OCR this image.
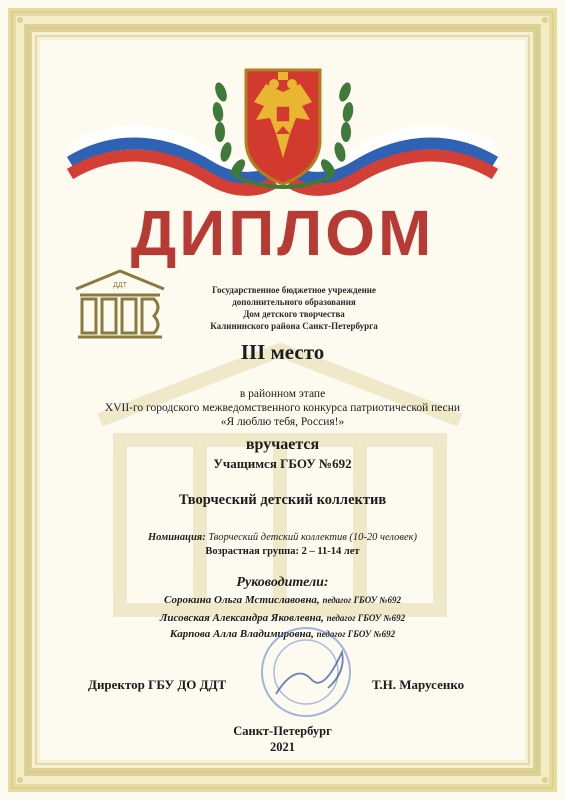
ДИПЛОМ
ДДТ	Государственное бюджетное учреждение
дополнительного образования
Дом детского творчества
Калининского района Санкт-Петербурга
III место
в районном этапе
XVII-го городского межведомственного конкурса патриотической песни
«Я люблю тебя, Россия!»
вручается
Учащимся ГБОУ №692
Творческий детский коллектив
Номинация: Творческий детский коллектив (10-20 человек)
Возрастная группа: 2 – 11-14 лет
Руководители:
Сорокина Ольга Мстиславовна, педагог ГБОУ №692
Лисовская Александра Яковлевна, педагог ГБОУ №692
Карпова Алла Владимировна, педагог ГБОУ №692
Директор ГБУ ДО ДДТ	Т.Н. Марусенко
Санкт-Петербург
2021
